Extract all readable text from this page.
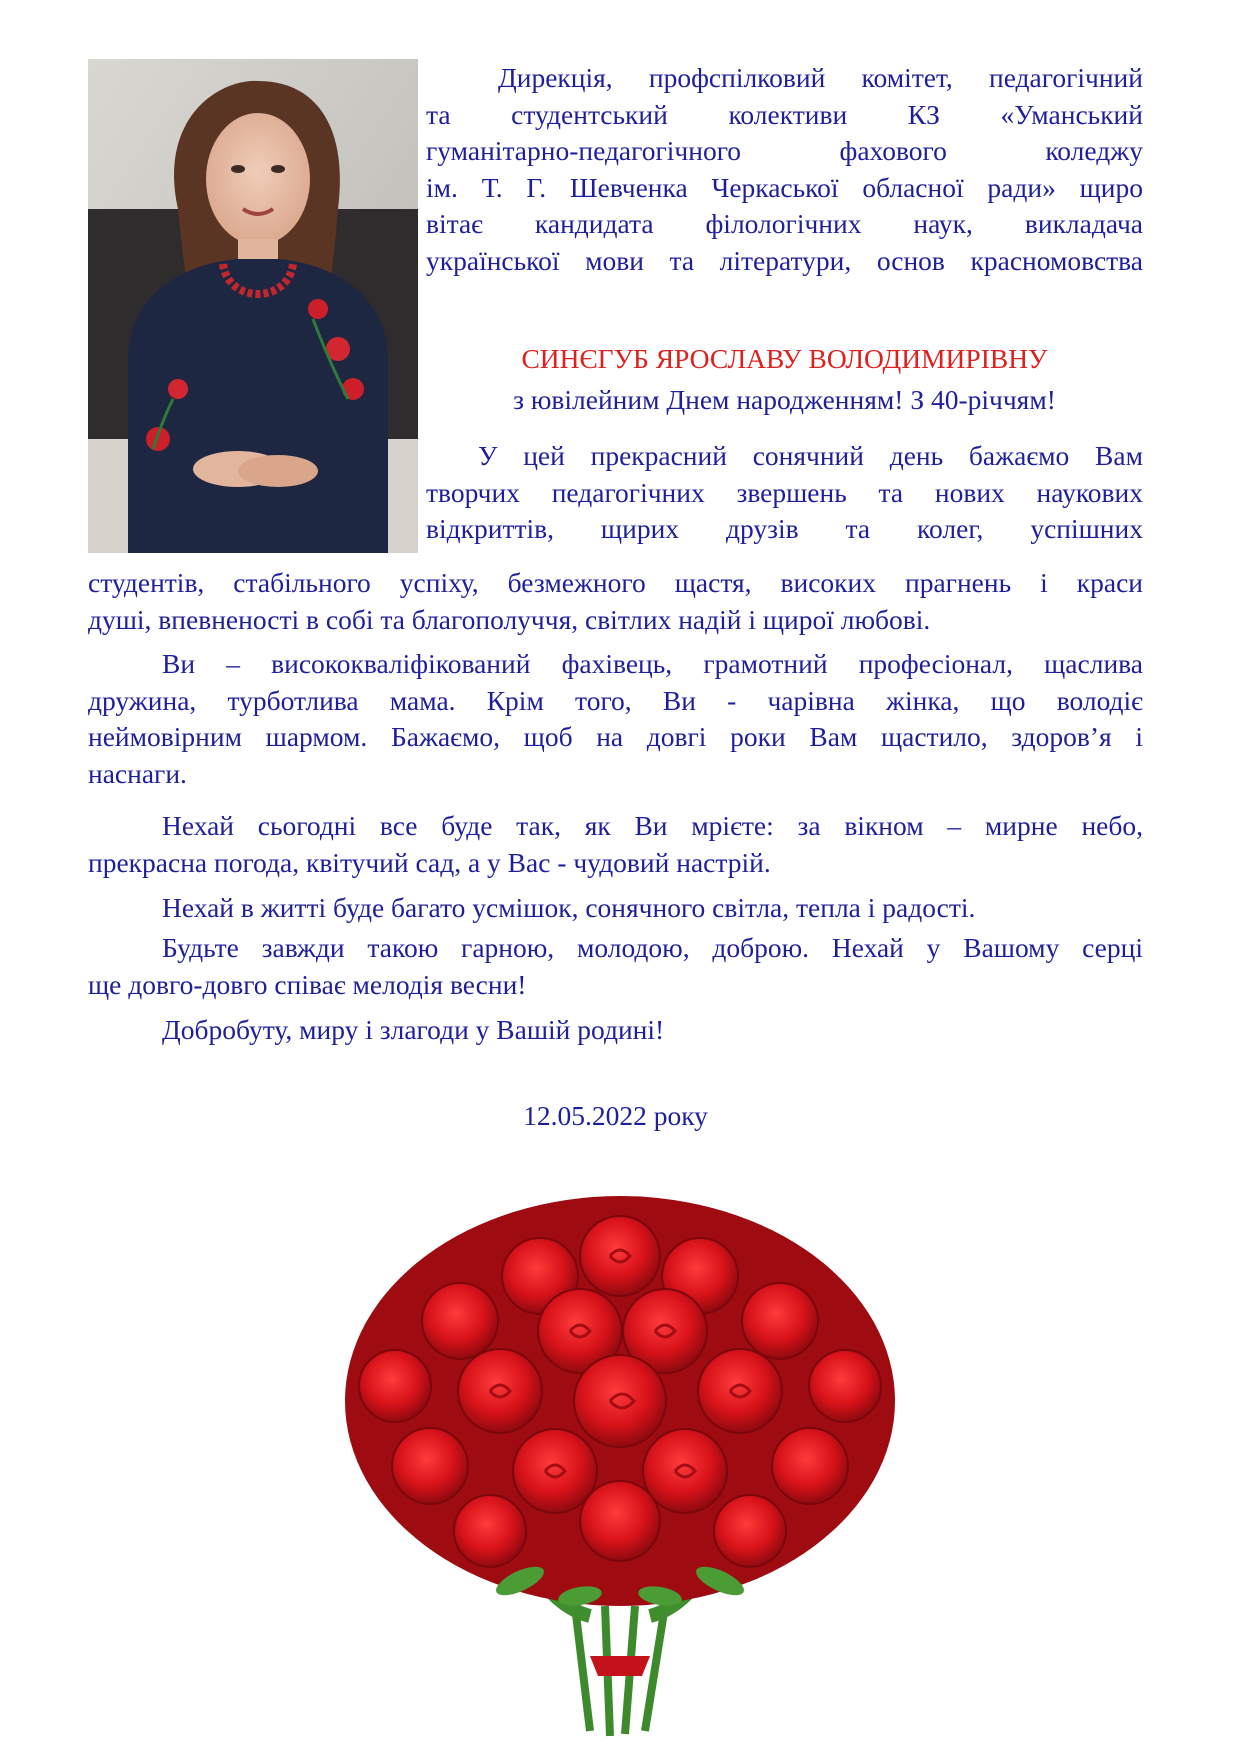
Дирекція, профспілковий комітет, педагогічний
та студентський колективи КЗ «Уманський
гуманітарно-педагогічного фахового коледжу
ім. Т. Г. Шевченка Черкаської обласної ради» щиро
вітає кандидата філологічних наук, викладача
української мови та літератури, основ красномовства
СИНЄГУБ ЯРОСЛАВУ ВОЛОДИМИРІВНУ
з ювілейним Днем народженням! З 40-річчям!
У цей прекрасний сонячний день бажаємо Вам
творчих педагогічних звершень та нових наукових
відкриттів, щирих друзів та колег, успішних
студентів, стабільного успіху, безмежного щастя, високих прагнень і краси
душі, впевненості в собі та благополуччя, світлих надій і щирої любові.
Ви – висококваліфікований фахівець, грамотний професіонал, щаслива
дружина, турботлива мама. Крім того, Ви - чарівна жінка, що володіє
неймовірним шармом. Бажаємо, щоб на довгі роки Вам щастило, здоров’я і
наснаги.
Нехай сьогодні все буде так, як Ви мрієте: за вікном – мирне небо,
прекрасна погода, квітучий сад, а у Вас - чудовий настрій.
Нехай в житті буде багато усмішок, сонячного світла, тепла і радості.
Будьте завжди такою гарною, молодою, доброю. Нехай у Вашому серці
ще довго-довго співає мелодія весни!
Добробуту, миру і злагоди у Вашій родині!
12.05.2022 року
